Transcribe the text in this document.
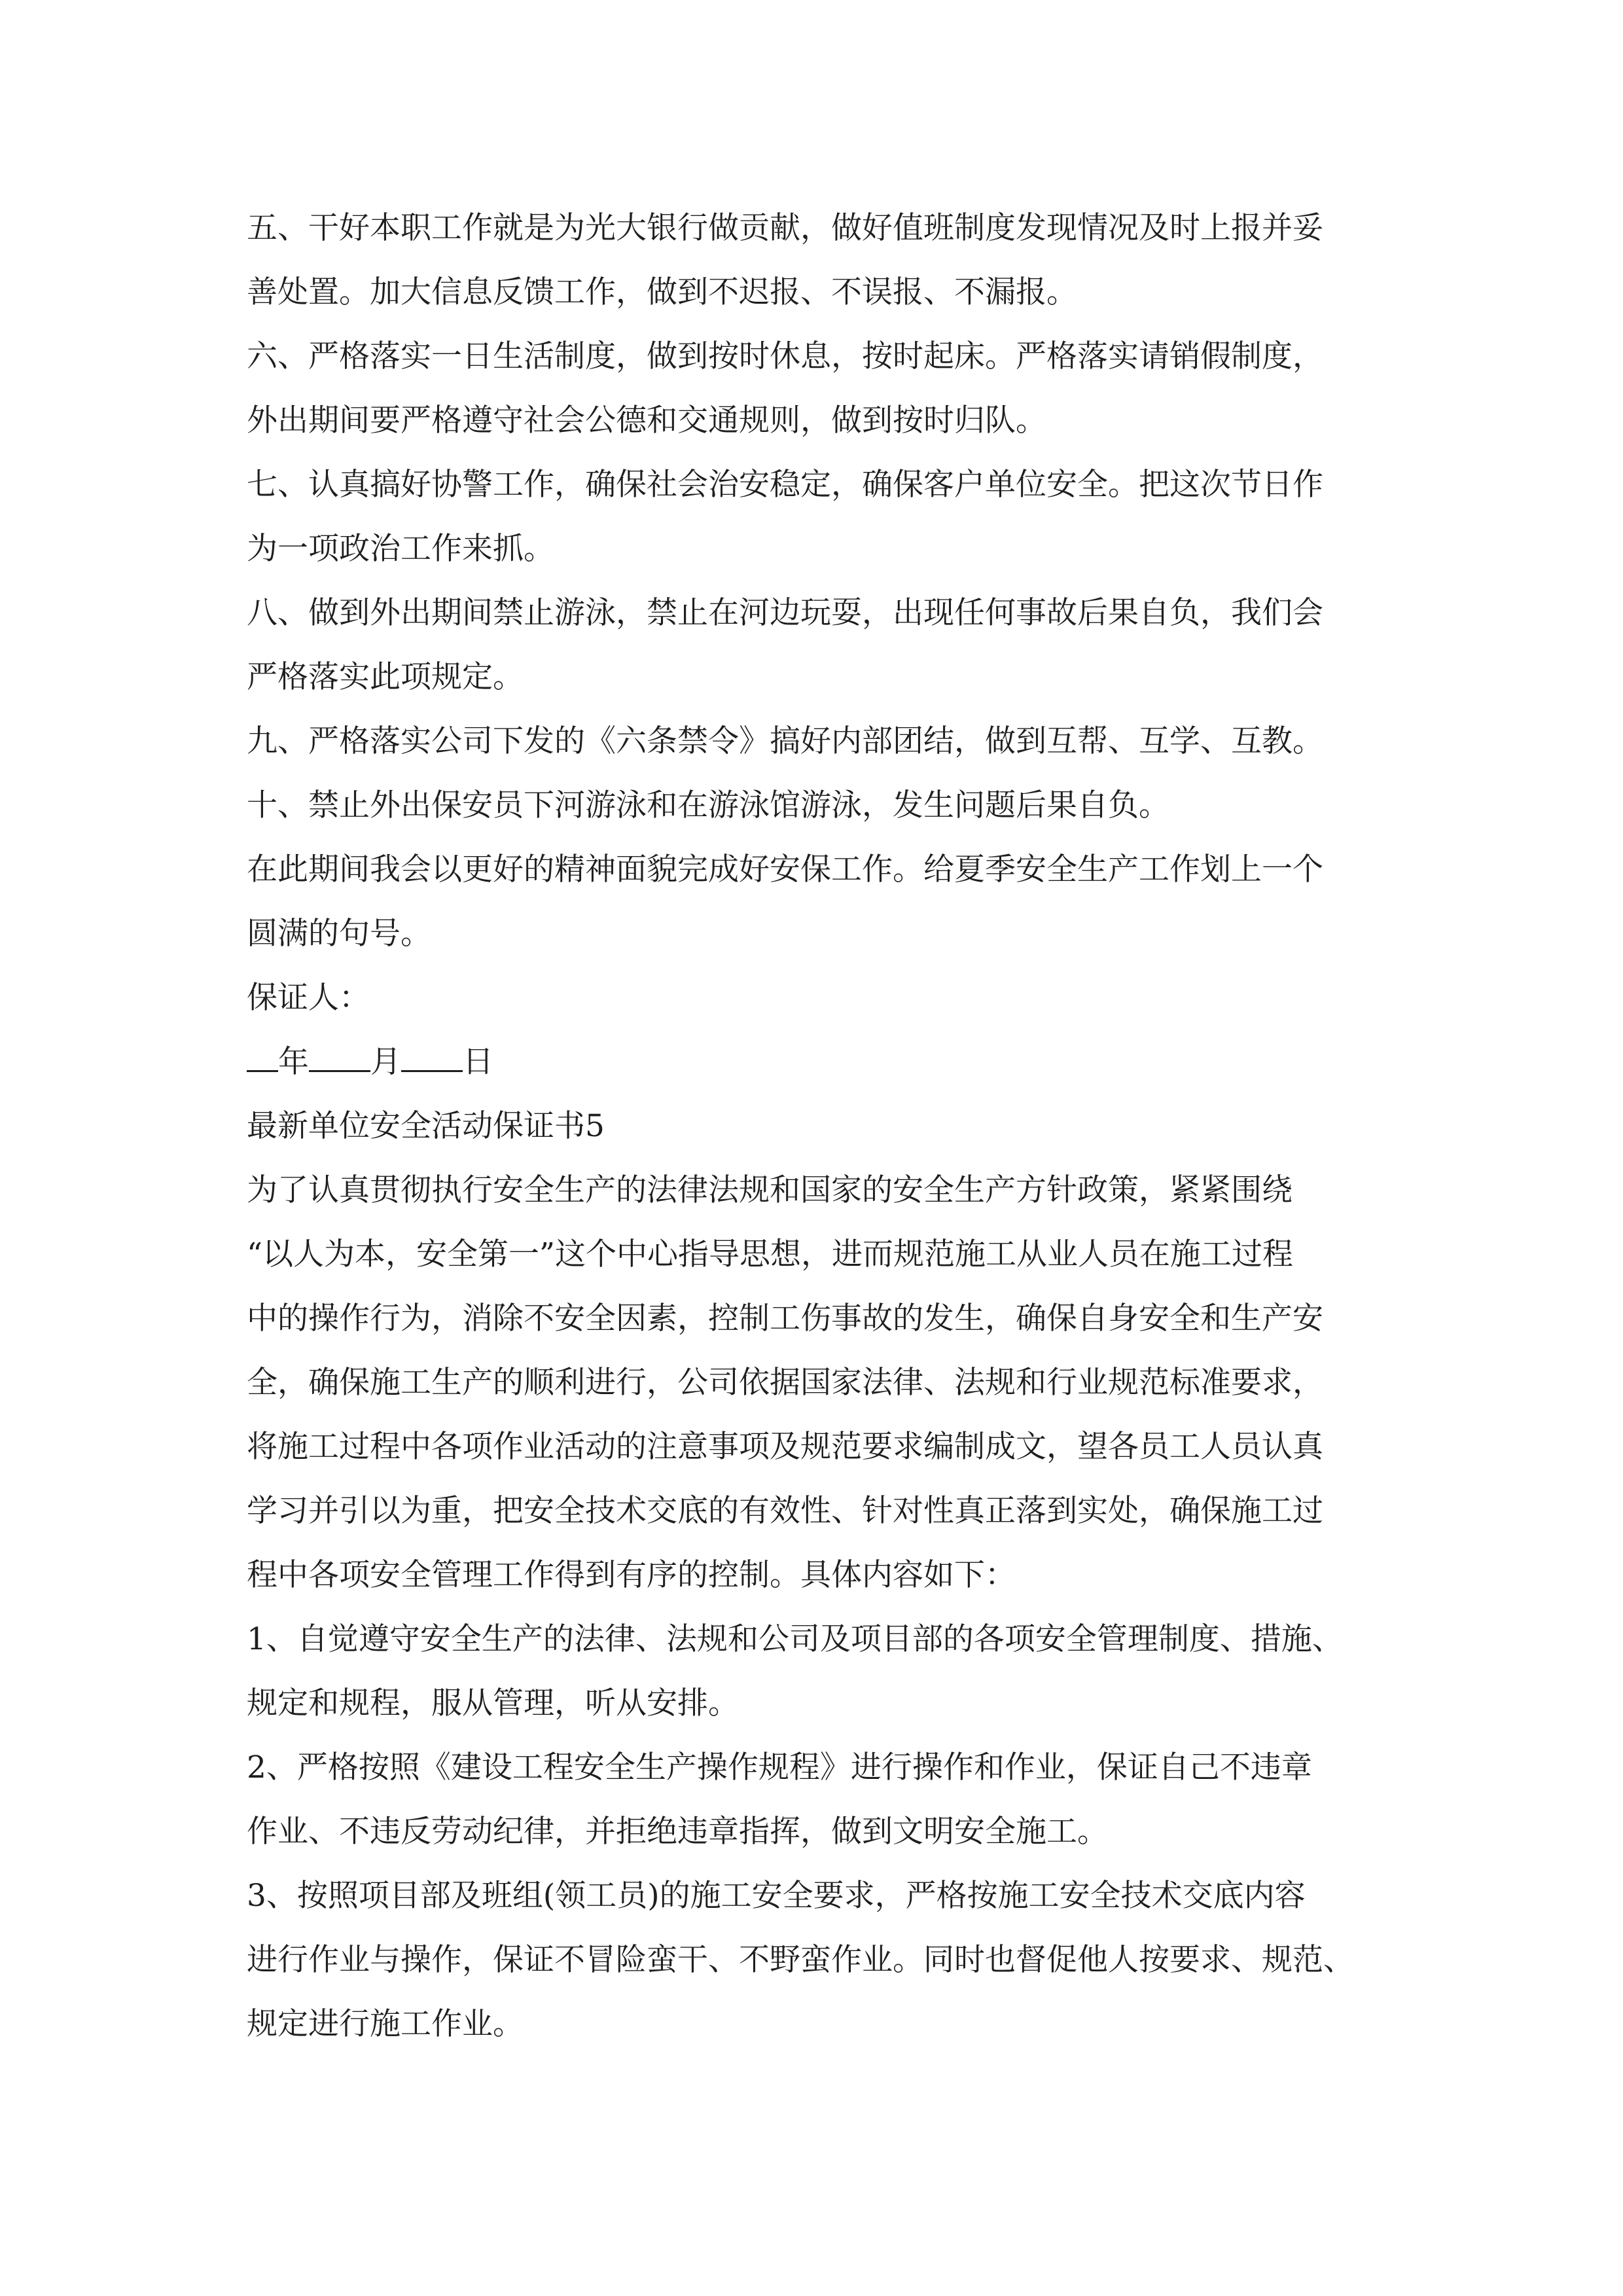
五、干好本职工作就是为光大银行做贡献，做好值班制度发现情况及时上报并妥
善处置。加大信息反馈工作，做到不迟报、不误报、不漏报。
六、严格落实一日生活制度，做到按时休息，按时起床。严格落实请销假制度，
外出期间要严格遵守社会公德和交通规则，做到按时归队。
七、认真搞好协警工作，确保社会治安稳定，确保客户单位安全。把这次节日作
为一项政治工作来抓。
八、做到外出期间禁止游泳，禁止在河边玩耍，出现任何事故后果自负，我们会
严格落实此项规定。
九、严格落实公司下发的《六条禁令》搞好内部团结，做到互帮、互学、互教。
十、禁止外出保安员下河游泳和在游泳馆游泳，发生问题后果自负。
在此期间我会以更好的精神面貌完成好安保工作。给夏季安全生产工作划上一个
圆满的句号。
保证人：
年 月 日
最新单位安全活动保证书5
为了认真贯彻执行安全生产的法律法规和国家的安全生产方针政策，紧紧围绕
“以人为本，安全第一”这个中心指导思想，进而规范施工从业人员在施工过程
中的操作行为，消除不安全因素，控制工伤事故的发生，确保自身安全和生产安
全，确保施工生产的顺利进行，公司依据国家法律、法规和行业规范标准要求，
将施工过程中各项作业活动的注意事项及规范要求编制成文，望各员工人员认真
学习并引以为重，把安全技术交底的有效性、针对性真正落到实处，确保施工过
程中各项安全管理工作得到有序的控制。具体内容如下：
1、自觉遵守安全生产的法律、法规和公司及项目部的各项安全管理制度、措施、
规定和规程，服从管理，听从安排。
2、严格按照《建设工程安全生产操作规程》进行操作和作业，保证自己不违章
作业、不违反劳动纪律，并拒绝违章指挥，做到文明安全施工。
3、按照项目部及班组(领工员)的施工安全要求，严格按施工安全技术交底内容
进行作业与操作，保证不冒险蛮干、不野蛮作业。同时也督促他人按要求、规范、
规定进行施工作业。
